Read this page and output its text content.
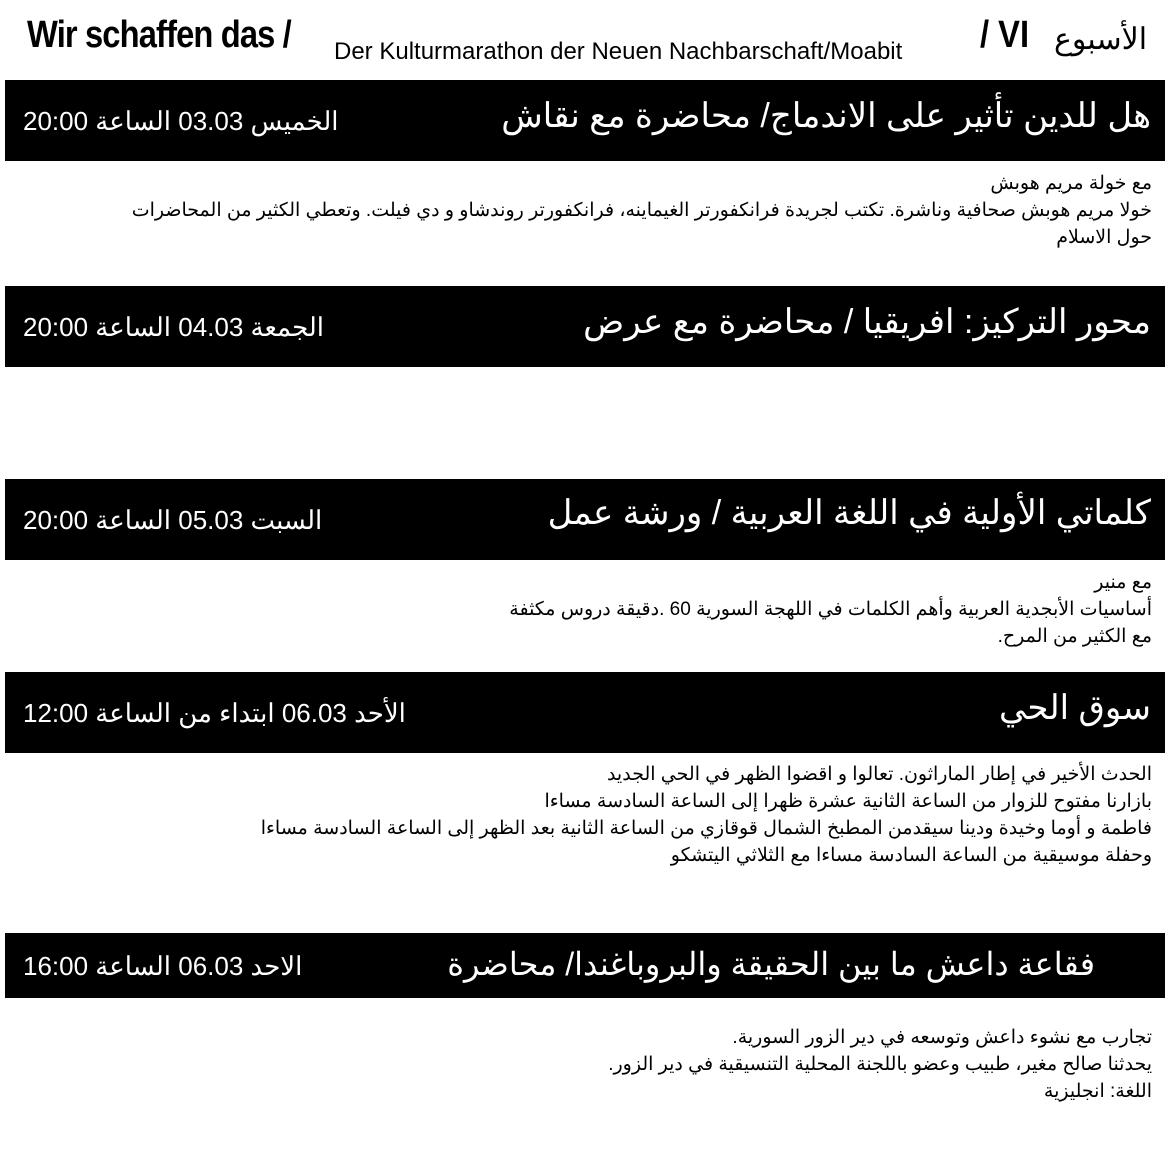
Wir schaffen das / Der Kulturmarathon der Neuen Nachbarschaft/Moabit / VI الأسبوع
الخميس 03.03 الساعة 20:00	هل للدين تأثير على الاندماج/ محاضرة مع نقاش
مع خولة مريم هوبش
خولا مريم هوبش صحافية وناشرة. تكتب لجريدة فرانكفورتر الغيماينه، فرانكفورتر روندشاو و دي فيلت. وتعطي الكثير من المحاضرات
حول الاسلام
الجمعة 04.03 الساعة 20:00	محور التركيز: افريقيا / محاضرة مع عرض
السبت 05.03 الساعة 20:00	كلماتي الأولية في اللغة العربية / ورشة عمل
مع منير
أساسيات الأبجدية العربية وأهم الكلمات في اللهجة السورية 60 .دقيقة دروس مكثفة
مع الكثير من المرح.
الأحد 06.03 ابتداء من الساعة 12:00	سوق الحي
الحدث الأخير في إطار الماراثون. تعالوا و اقضوا الظهر في الحي الجديد
بازارنا مفتوح للزوار من الساعة الثانية عشرة ظهرا إلى الساعة السادسة مساءا
فاطمة و أوما وخيدة ودينا سيقدمن المطبخ الشمال قوقازي من الساعة الثانية بعد الظهر إلى الساعة السادسة مساءا
وحفلة موسيقية من الساعة السادسة مساءا مع الثلاثي اليتشكو
الاحد 06.03 الساعة 16:00	فقاعة داعش ما بين الحقيقة والبروباغندا/ محاضرة
تجارب مع نشوء داعش وتوسعه في دير الزور السورية.
يحدثنا صالح مغير، طبيب وعضو باللجنة المحلية التنسيقية في دير الزور.
اللغة: انجليزية
